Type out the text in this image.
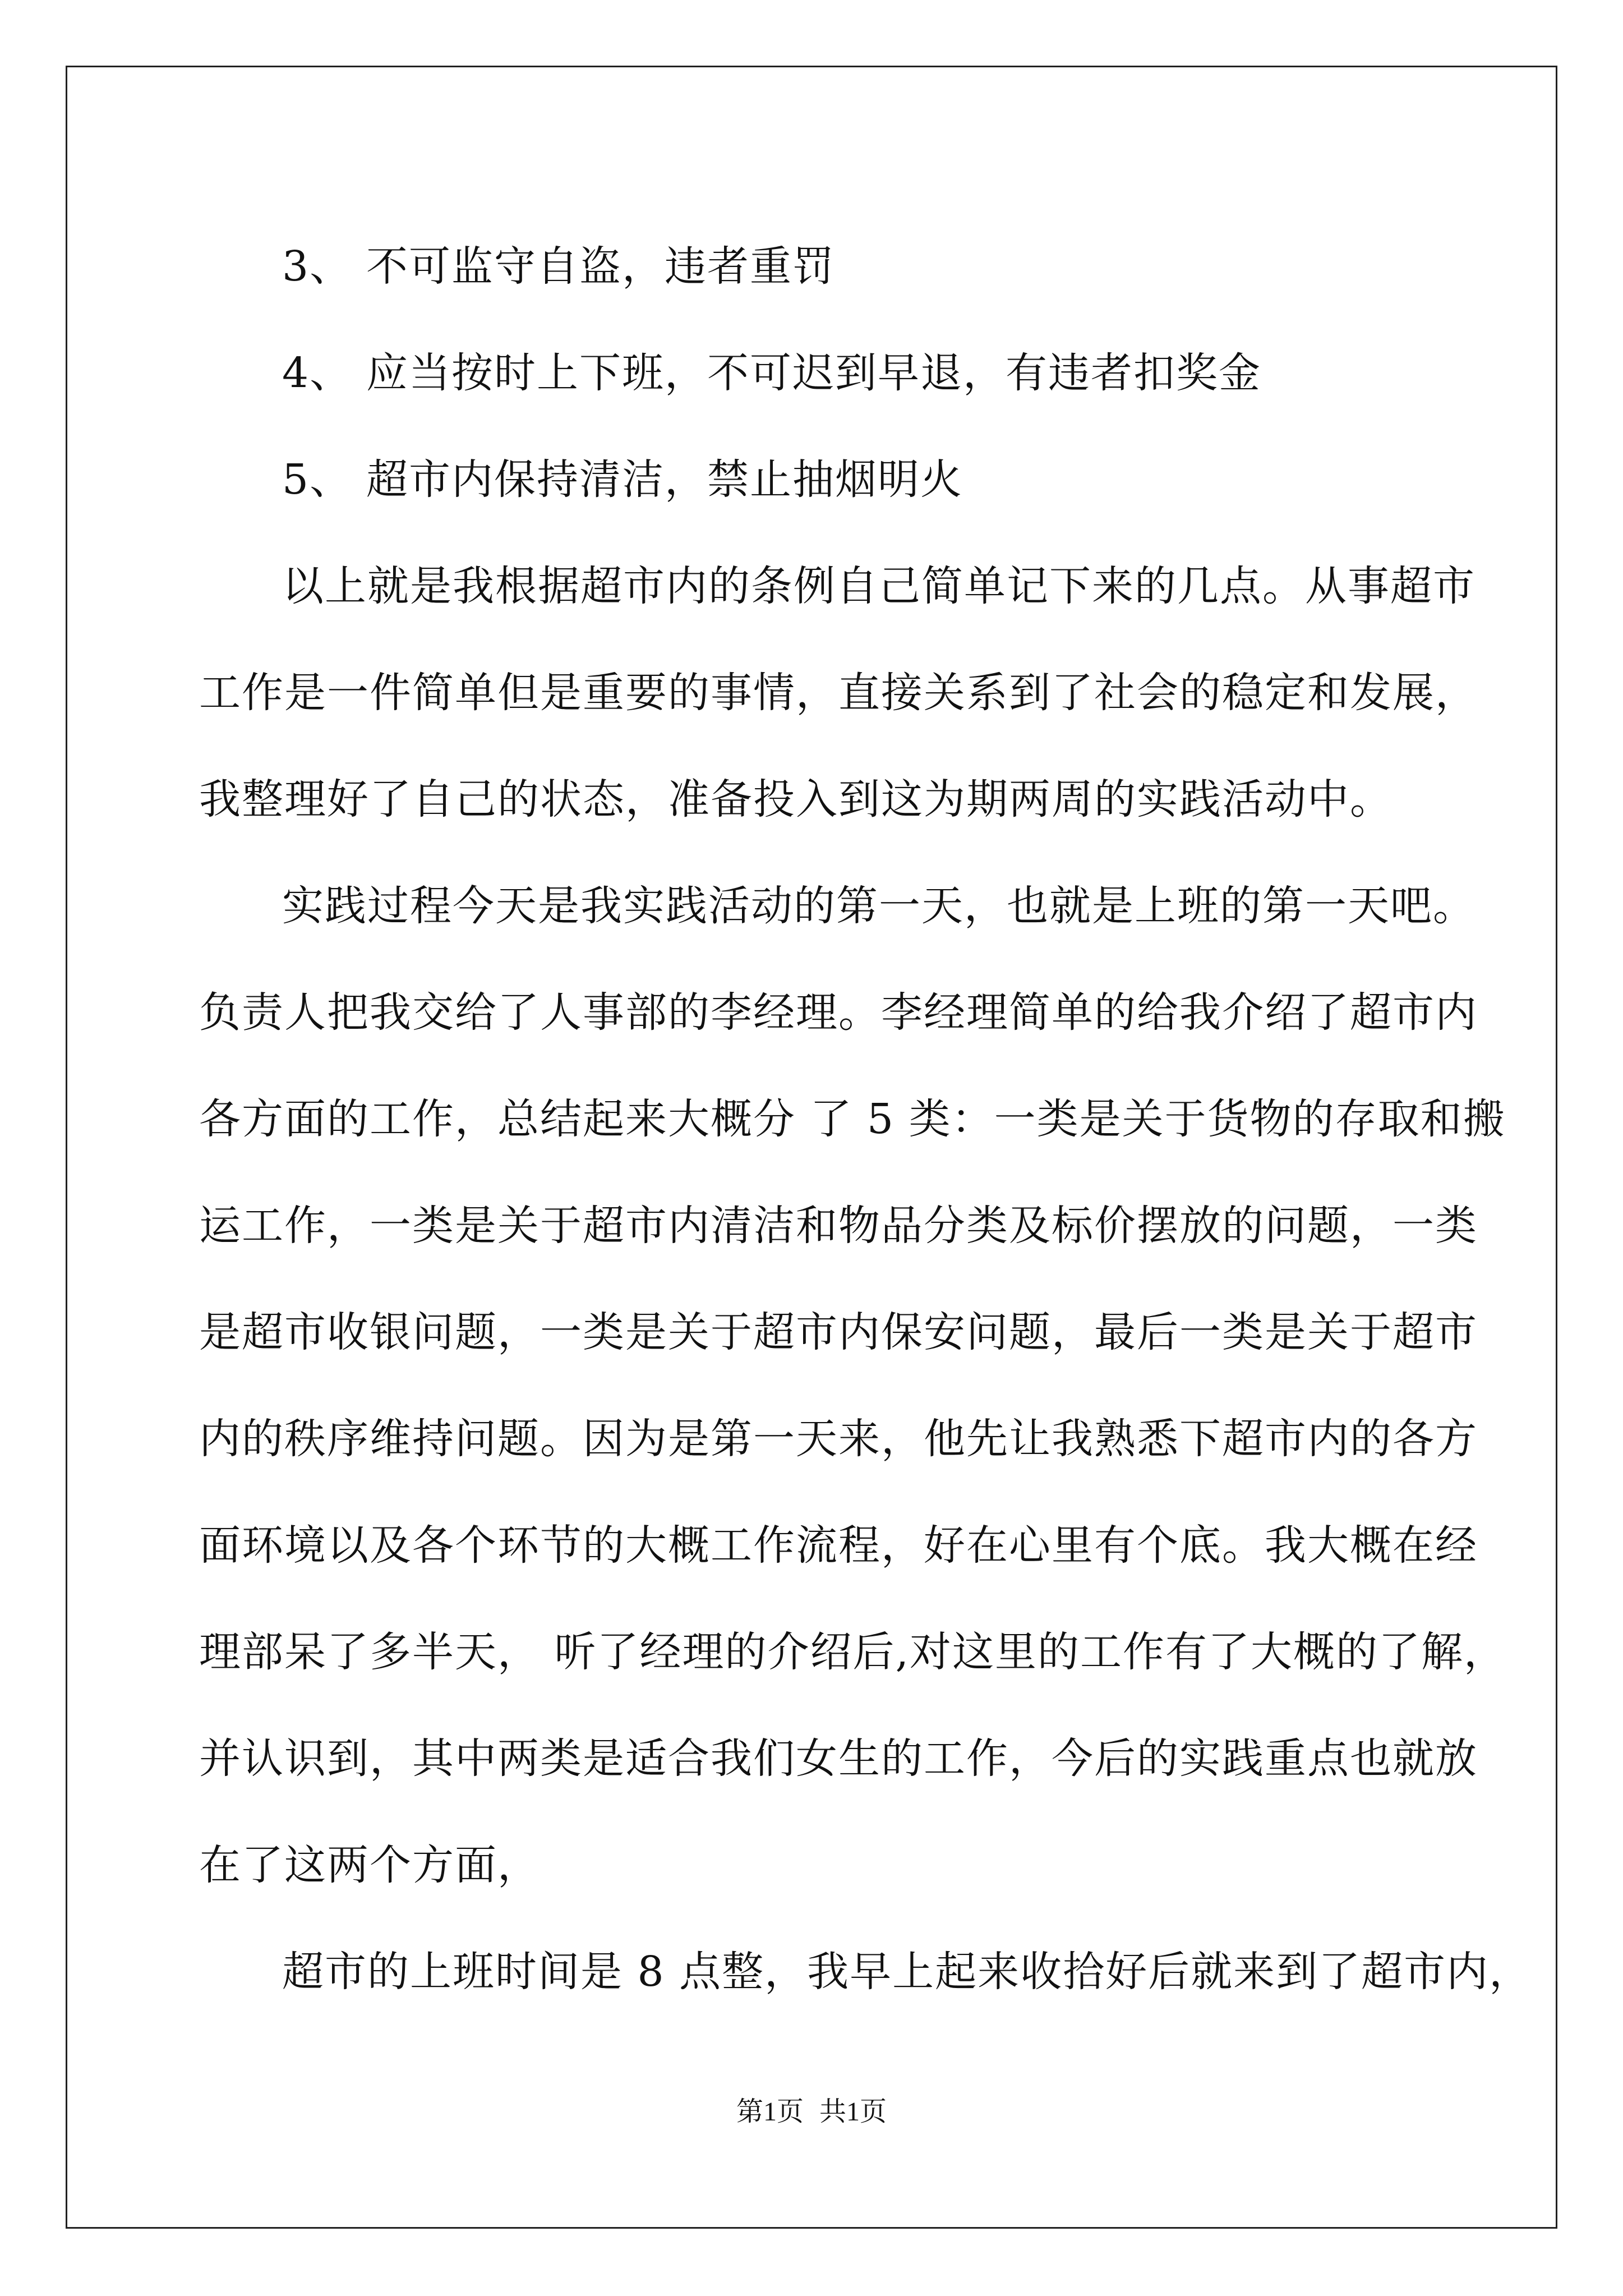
3、 不可监守自盗，违者重罚
4、 应当按时上下班，不可迟到早退，有违者扣奖金
5、 超市内保持清洁，禁止抽烟明火
以上就是我根据超市内的条例自己简单记下来的几点。从事超市
工作是一件简单但是重要的事情，直接关系到了社会的稳定和发展，
我整理好了自己的状态，准备投入到这为期两周的实践活动中。
实践过程今天是我实践活动的第一天，也就是上班的第一天吧。
负责人把我交给了人事部的李经理。李经理简单的给我介绍了超市内
各方面的工作，总结起来大概分 了 5 类：一类是关于货物的存取和搬
运工作，一类是关于超市内清洁和物品分类及标价摆放的问题，一类
是超市收银问题，一类是关于超市内保安问题，最后一类是关于超市
内的秩序维持问题。因为是第一天来，他先让我熟悉下超市内的各方
面环境以及各个环节的大概工作流程，好在心里有个底。我大概在经
理部呆了多半天， 听了经理的介绍后,对这里的工作有了大概的了解，
并认识到，其中两类是适合我们女生的工作，今后的实践重点也就放
在了这两个方面，
超市的上班时间是 8 点整，我早上起来收拾好后就来到了超市内，
第1页 共1页
